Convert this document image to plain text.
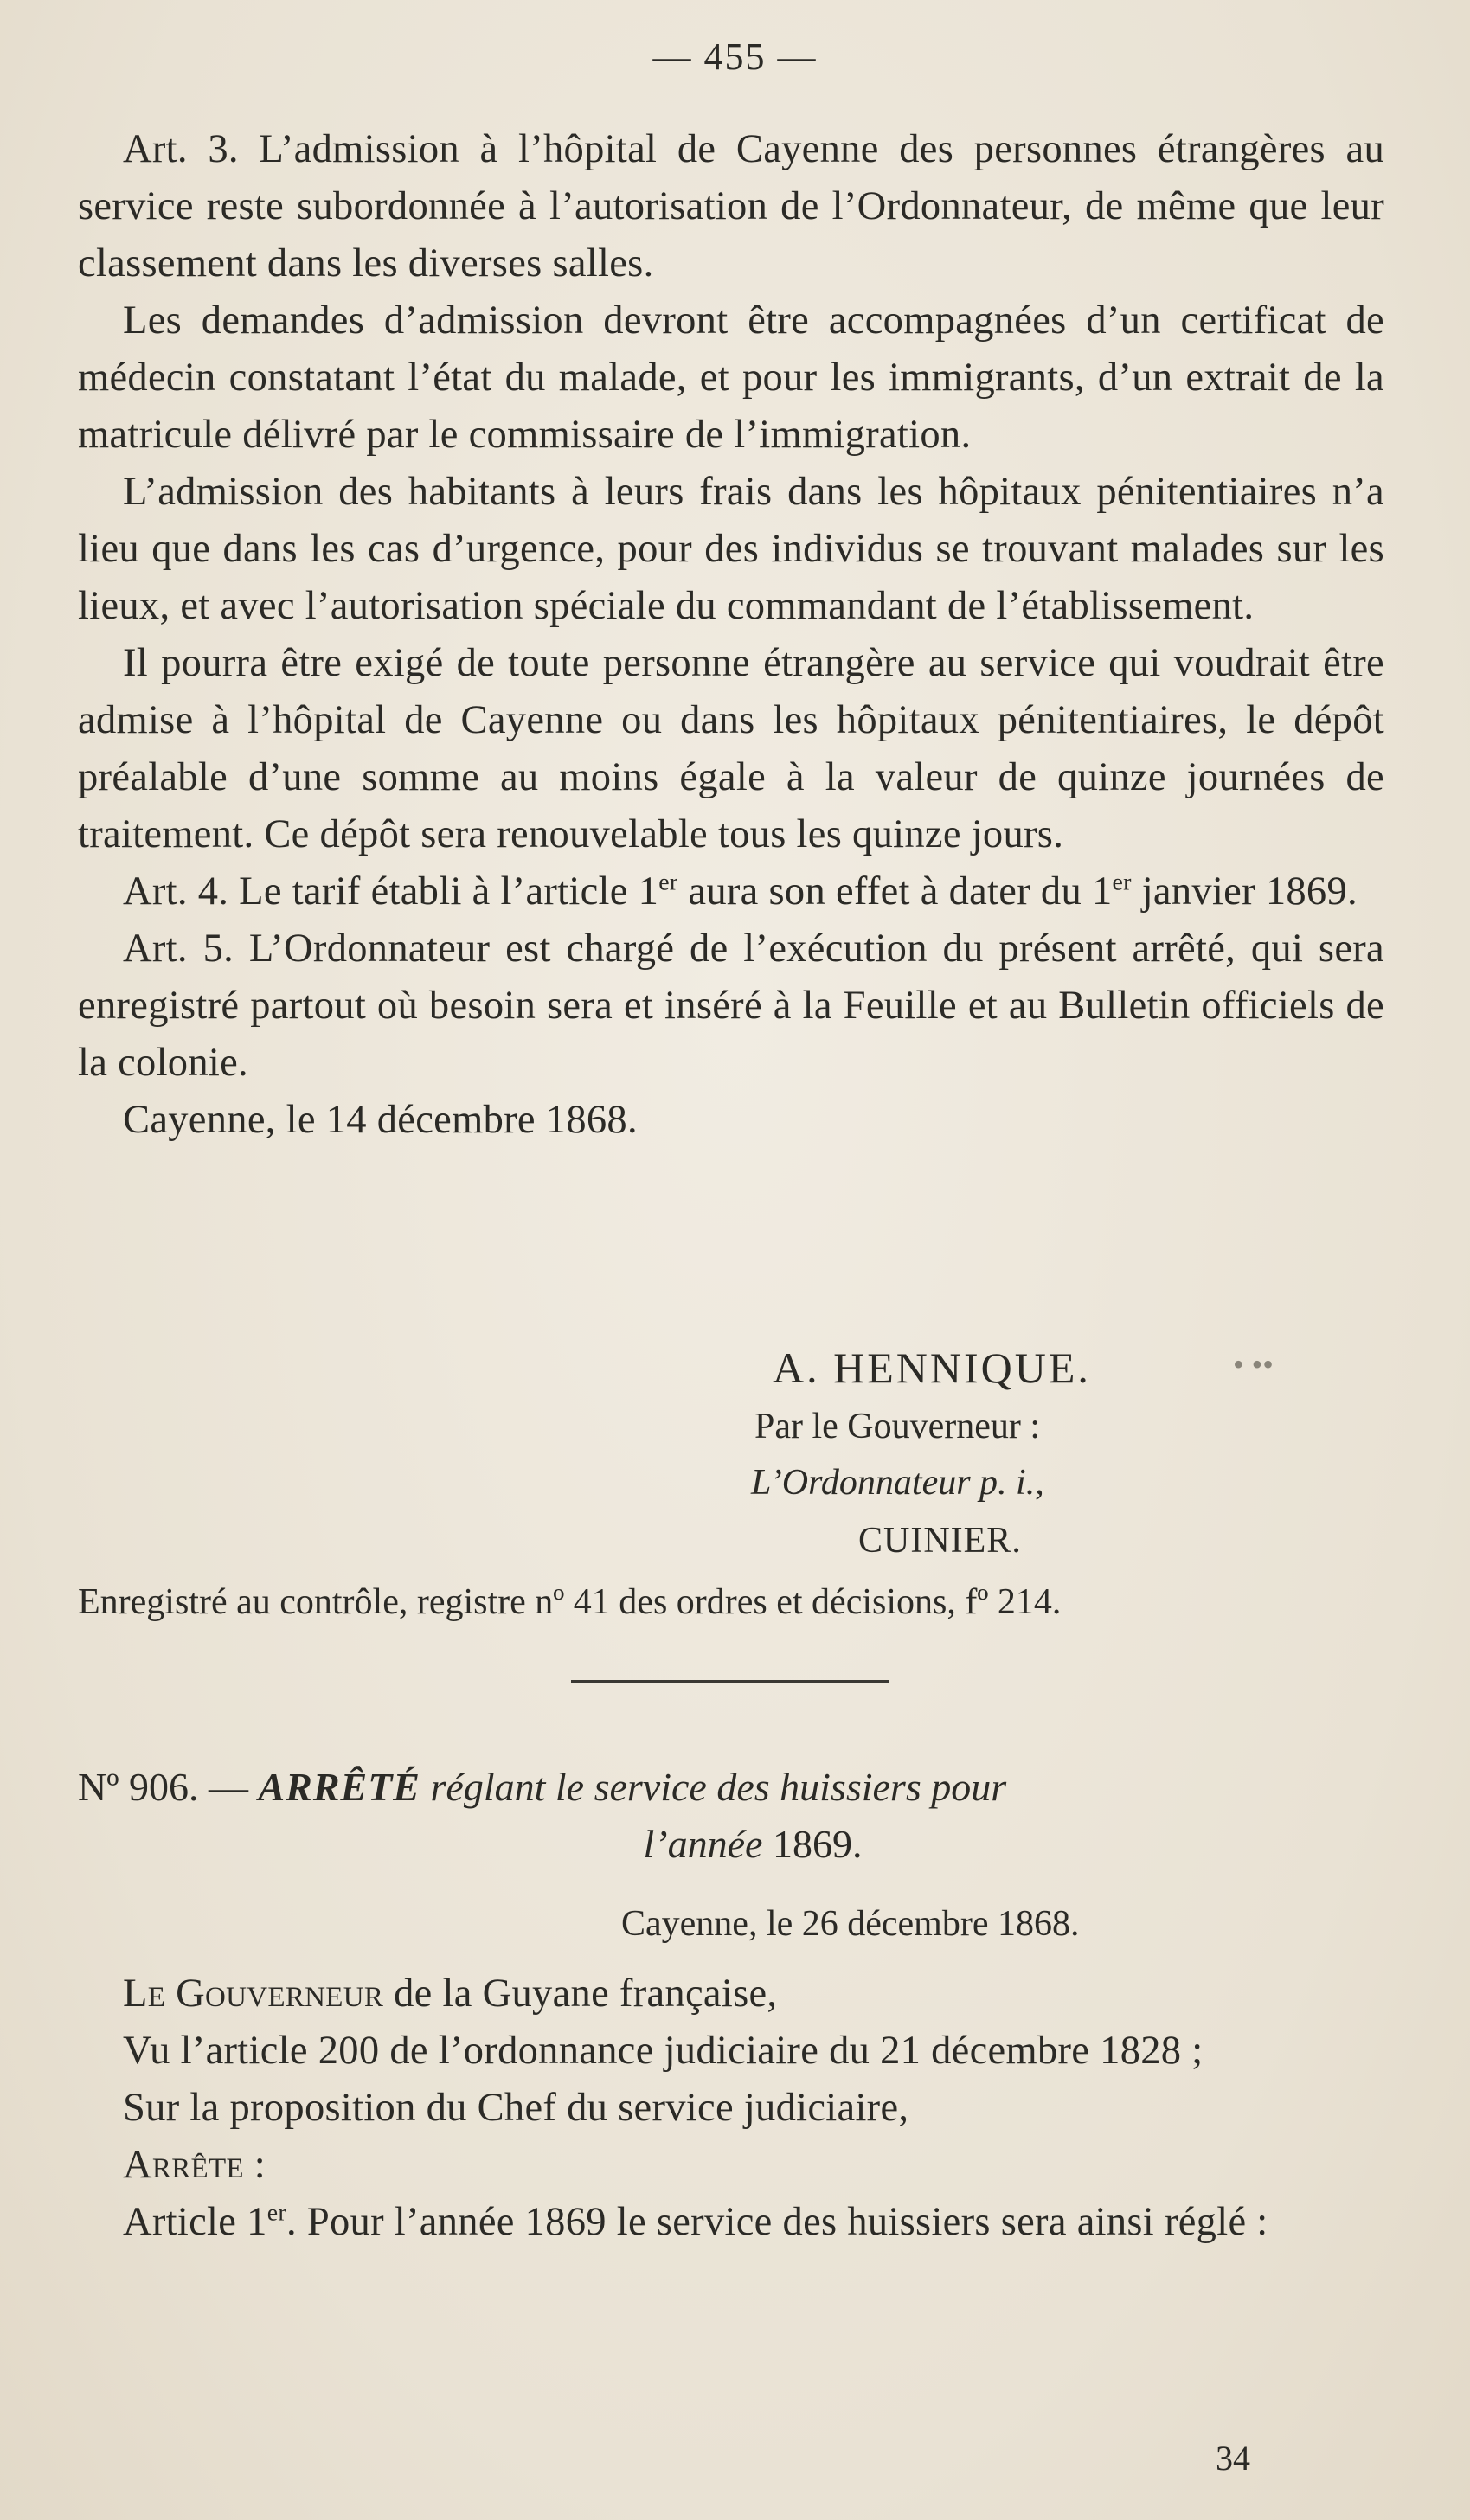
— 455 —

Art. 3. L’admission à l’hôpital de Cayenne des personnes étrangères au service reste subordonnée à l’autorisation de l’Ordonnateur, de même que leur classement dans les diverses salles.

Les demandes d’admission devront être accompagnées d’un certificat de médecin constatant l’état du malade, et pour les immigrants, d’un extrait de la matricule délivré par le commissaire de l’immigration.

L’admission des habitants à leurs frais dans les hôpitaux pénitentiaires n’a lieu que dans les cas d’urgence, pour des individus se trouvant malades sur les lieux, et avec l’autorisation spéciale du commandant de l’établissement.

Il pourra être exigé de toute personne étrangère au service qui voudrait être admise à l’hôpital de Cayenne ou dans les hôpitaux pénitentiaires, le dépôt préalable d’une somme au moins égale à la valeur de quinze journées de traitement. Ce dépôt sera renouvelable tous les quinze jours.

Art. 4. Le tarif établi à l’article 1er aura son effet à dater du 1er janvier 1869.

Art. 5. L’Ordonnateur est chargé de l’exécution du présent arrêté, qui sera enregistré partout où besoin sera et inséré à la Feuille et au Bulletin officiels de la colonie.

Cayenne, le 14 décembre 1868.

A. HENNIQUE.	• ••
Par le Gouverneur :
L’Ordonnateur p. i.,
CUINIER.
Enregistré au contrôle, registre nº 41 des ordres et décisions, fº 214.
Nº 906. — ARRÊTÉ réglant le service des huissiers pour
l’année 1869.
Cayenne, le 26 décembre 1868.

Le Gouverneur de la Guyane française,

Vu l’article 200 de l’ordonnance judiciaire du 21 décembre 1828 ;

Sur la proposition du Chef du service judiciaire,

Arrête :

Article 1er. Pour l’année 1869 le service des huissiers sera ainsi réglé :

34
